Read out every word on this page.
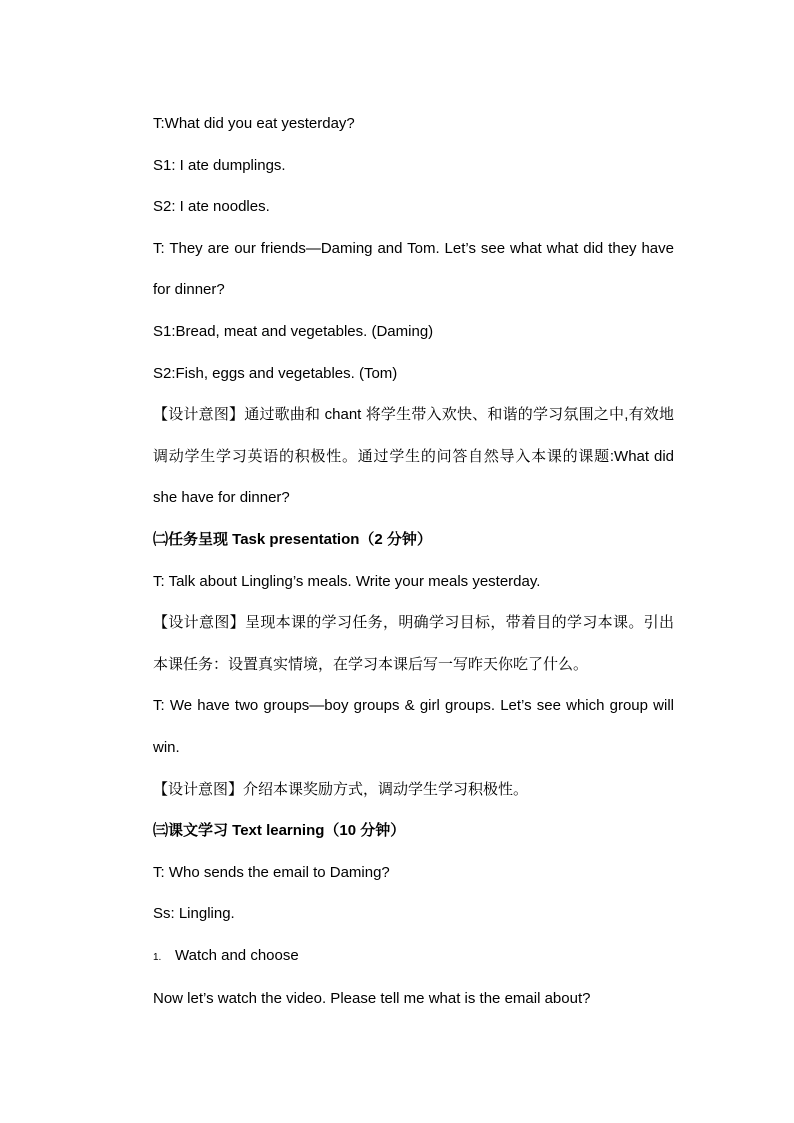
T:What did you eat yesterday?

S1: I ate dumplings.

S2: I ate noodles.

T: They are our friends—Daming and Tom. Let’s see what what did they have for dinner?

S1:Bread, meat and vegetables. (Daming)

S2:Fish, eggs and vegetables. (Tom)

【设计意图】通过歌曲和 chant 将学生带入欢快、和谐的学习氛围之中,有效地调动学生学习英语的积极性。通过学生的问答自然导入本课的课题:What did she have for dinner?

㈡任务呈现 Task presentation（2 分钟）

T: Talk about Lingling’s meals. Write your meals yesterday.

【设计意图】呈现本课的学习任务，明确学习目标，带着目的学习本课。引出本课任务：设置真实情境，在学习本课后写一写昨天你吃了什么。

T: We have two groups—boy groups & girl groups. Let’s see which group will win.

【设计意图】介绍本课奖励方式，调动学生学习积极性。

㈢课文学习 Text learning（10 分钟）

T: Who sends the email to Daming?

Ss: Lingling.

1. Watch and choose

Now let’s watch the video. Please tell me what is the email about?
